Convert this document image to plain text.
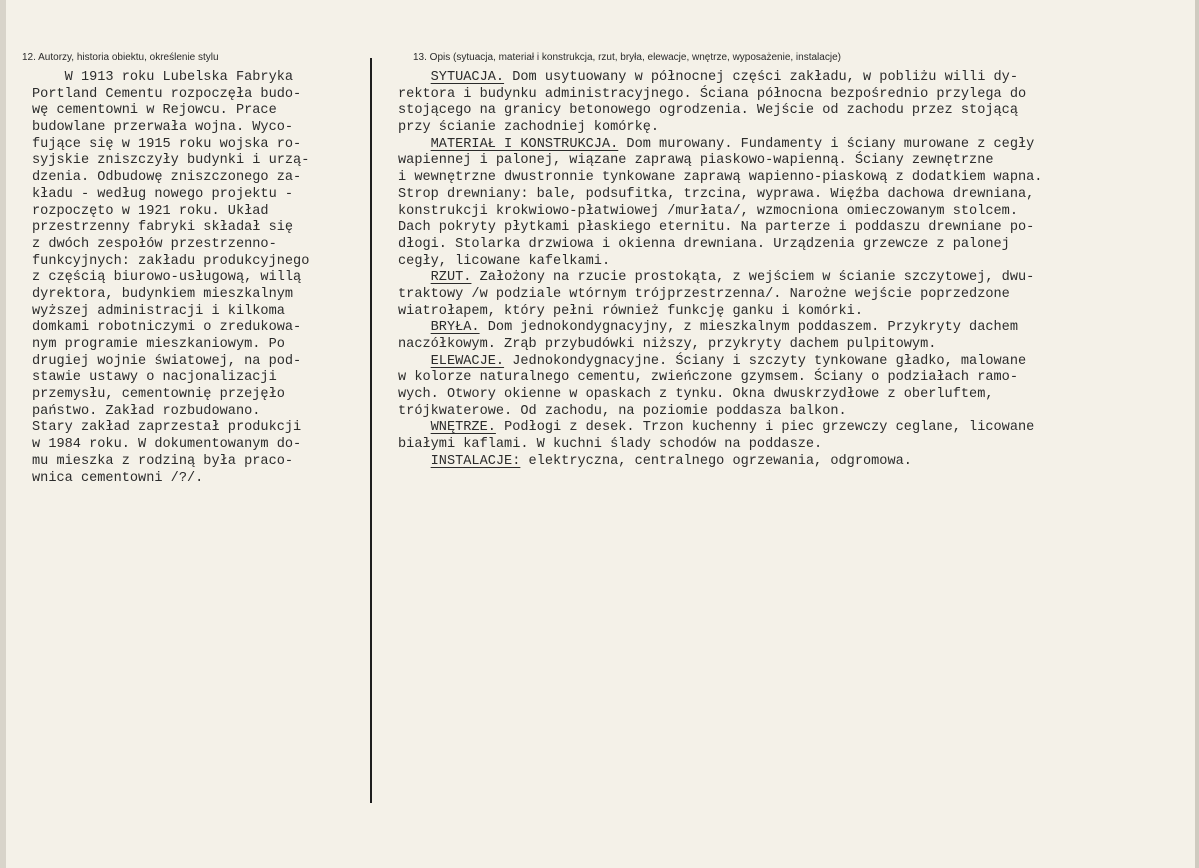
12. Autorzy, historia obiektu, określenie stylu	13. Opis (sytuacja, materiał i konstrukcja, rzut, bryła, elewacje, wnętrze, wyposażenie, instalacje)
W 1913 roku Lubelska Fabryka
Portland Cementu rozpoczęła budo-
wę cementowni w Rejowcu. Prace
budowlane przerwała wojna. Wyco-
fujące się w 1915 roku wojska ro-
syjskie zniszczyły budynki i urzą-
dzenia. Odbudowę zniszczonego za-
kładu - według nowego projektu -
rozpoczęto w 1921 roku. Układ
przestrzenny fabryki składał się
z dwóch zespołów przestrzenno-
funkcyjnych: zakładu produkcyjnego
z częścią biurowo-usługową, willą
dyrektora, budynkiem mieszkalnym
wyższej administracji i kilkoma
domkami robotniczymi o zredukowa-
nym programie mieszkaniowym. Po
drugiej wojnie światowej, na pod-
stawie ustawy o nacjonalizacji
przemysłu, cementownię przejęło
państwo. Zakład rozbudowano.
Stary zakład zaprzestał produkcji
w 1984 roku. W dokumentowanym do-
mu mieszka z rodziną była praco-
wnica cementowni /?/.
SYTUACJA. Dom usytuowany w północnej części zakładu, w pobliżu willi dy-
rektora i budynku administracyjnego. Ściana północna bezpośrednio przylega do
stojącego na granicy betonowego ogrodzenia. Wejście od zachodu przez stojącą
przy ścianie zachodniej komórkę.
MATERIAŁ I KONSTRUKCJA. Dom murowany. Fundamenty i ściany murowane z cegły
wapiennej i palonej, wiązane zaprawą piaskowo-wapienną. Ściany zewnętrzne
i wewnętrzne dwustronnie tynkowane zaprawą wapienno-piaskową z dodatkiem wapna.
Strop drewniany: bale, podsufitka, trzcina, wyprawa. Więźba dachowa drewniana,
konstrukcji krokwiowo-płatwiowej /murłata/, wzmocniona omieczowanym stolcem.
Dach pokryty płytkami płaskiego eternitu. Na parterze i poddaszu drewniane po-
dłogi. Stolarka drzwiowa i okienna drewniana. Urządzenia grzewcze z palonej
cegły, licowane kafelkami.
RZUT. Założony na rzucie prostokąta, z wejściem w ścianie szczytowej, dwu-
traktowy /w podziale wtórnym trójprzestrzenna/. Narożne wejście poprzedzone
wiatrołapem, który pełni również funkcję ganku i komórki.
BRYŁA. Dom jednokondygnacyjny, z mieszkalnym poddaszem. Przykryty dachem
naczółkowym. Zrąb przybudówki niższy, przykryty dachem pulpitowym.
ELEWACJE. Jednokondygnacyjne. Ściany i szczyty tynkowane gładko, malowane
w kolorze naturalnego cementu, zwieńczone gzymsem. Ściany o podziałach ramo-
wych. Otwory okienne w opaskach z tynku. Okna dwuskrzydłowe z oberluftem,
trójkwaterowe. Od zachodu, na poziomie poddasza balkon.
WNĘTRZE. Podłogi z desek. Trzon kuchenny i piec grzewczy ceglane, licowane
białymi kaflami. W kuchni ślady schodów na poddasze.
INSTALACJE: elektryczna, centralnego ogrzewania, odgromowa.
